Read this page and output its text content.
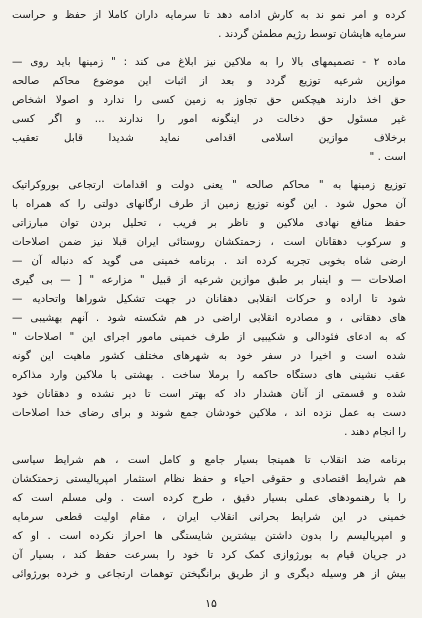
کرده و امر نمو ند به کارش ادامه دهد تا سرمایه داران کاملا از حفظ و حراست
سرمایه هایشان توسط رژیم مطمئن گردند .
ماده ۲ - تصمیمهای بالا را به ملاکین نیز ابلاغ می کند : " زمینها باید روی —
موازین شرعیه توزیع گردد و بعد از اثبات این موضوع محاکم صالحه
حق اخذ دارند هیچکس حق تجاوز به زمین کسی را ندارد و اصولا اشخاص
غیر مسئول حق دخالت در اینگونه امور را ندارند ... و اگر کسی
برخلاف موازین اسلامی اقدامی نماید شدیدا قابل تعقیب
است . "
توزیع زمینها به " محاکم صالحه " یعنی دولت و اقدامات ارتجاعی بوروکراتیک
آن محول شود . این گونه توزیع زمین از طرف ارگانهای دولتی را که همراه با
حفظ منافع نهادی ملاکین و ناظر بر فریب ، تحلیل بردن توان مبارزاتی
و سرکوب دهقانان است ، زحمتکشان روستائی ایران قبلا نیز ضمن اصلاحات
ارضی شاه بخوبی تجربه کرده اند . برنامه خمینی می گوید که دنباله آن —
اصلاحات — و اینبار بر طبق موازین شرعیه از قبیل " مزارعه " [ — بی گیری
شود تا اراده و حرکات انقلابی دهقانان در جهت تشکیل شوراها واتحادیه —
های دهقانی ، و مصادره انقلابی اراضی در هم شکسته شود . آنهم بهشیبی —
که به ادعای فئودالی و شکیبیی از طرف خمینی مامور اجرای این " اصلاحات "
شده است و اخیرا در سفر خود به شهرهای مختلف کشور ماهیت این گونه
عقب نشینی های دستگاه حاکمه را برملا ساخت . بهشتی با ملاکین وارد مذاکره
شده و قسمتی از آنان هشدار داد که بهتر است تا دیر نشده و دهقانان خود
دست به عمل نزده اند ، ملاکین خودشان جمع شوند و برای رضای خدا اصلاحات
را انجام دهند .
برنامه ضد انقلاب تا همینجا بسیار جامع و کامل است ، هم شرایط سیاسی
هم شرایط اقتصادی و حقوقی احیاء و حفظ نظام استثمار امپریالیستی زحمتکشان
را با رهنمودهای عملی بسیار دقیق ، طرح کرده است . ولی مسلم است که
خمینی در این شرایط بحرانی انقلاب ایران ، مقام اولیت قطعی سرمایه
و امپریالیسم را بدون داشتن بیشترین شایستگی ها احراز نکرده است . او که
در جریان قیام به بورژوازی کمک کرد تا خود را بسرعت حفظ کند ، بسیار آن
بیش از هر وسیله دیگری و از طریق برانگیختن توهمات ارتجاعی و خرده بورژوائی
۱۵
